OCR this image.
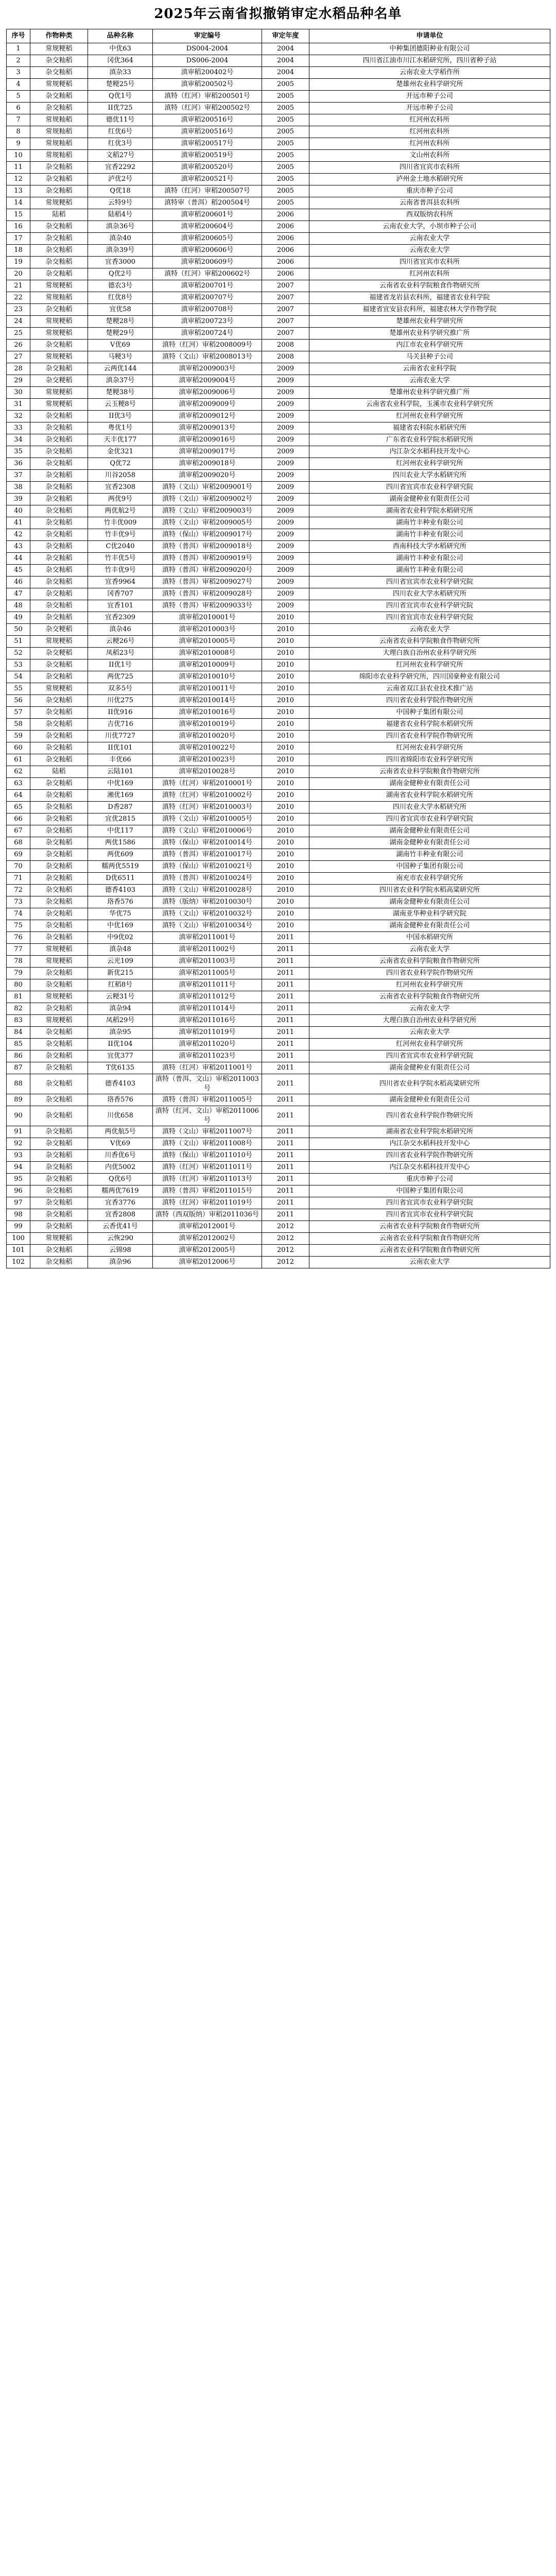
2025年云南省拟撤销审定水稻品种名单
序号	作物种类	品种名称	审定编号	审定年度	申请单位
1	常规粳稻	中优63	DS004-2004	2004	中种集团德阳种业有限公司
2	杂交籼稻	冈优364	DS006-2004	2004	四川省江油市川江水稻研究所，四川省种子站
3	杂交籼稻	滇杂33	滇审稻200402号	2004	云南农业大学稻作所
4	常规粳稻	楚粳25号	滇审稻200502号	2005	楚雄州农业科学研究所
5	杂交籼稻	Q优1号	滇特（红河）审稻200501号	2005	开远市种子公司
6	杂交籼稻	II优725	滇特（红河）审稻200502号	2005	开远市种子公司
7	常规籼稻	德优11号	滇审稻200516号	2005	红河州农科所
8	常规籼稻	红优6号	滇审稻200516号	2005	红河州农科所
9	常规籼稻	红优3号	滇审稻200517号	2005	红河州农科所
10	常规籼稻	文稻27号	滇审稻200519号	2005	文山州农科所
11	杂交籼稻	宜香2292	滇审稻200520号	2005	四川省宜宾市农科所
12	杂交籼稻	泸优2号	滇审稻200521号	2005	泸州金土地水稻研究所
13	杂交籼稻	Q优18	滇特（红河）审稻200507号	2005	重庆市种子公司
14	常规粳稻	云特9号	滇特审（普洱）稻200504号	2005	云南省普洱县农科所
15	陆稻	陆稻4号	滇审稻200601号	2006	西双版纳农科所
16	杂交籼稻	滇杂36号	滇审稻200604号	2006	云南农业大学，小坝市种子公司
17	杂交籼稻	滇杂40	滇审稻200605号	2006	云南农业大学
18	杂交籼稻	滇杂39号	滇审稻200606号	2006	云南农业大学
19	杂交籼稻	宜香3000	滇审稻200609号	2006	四川省宜宾市农科所
20	杂交籼稻	Q优2号	滇特（红河）审稻200602号	2006	红河州农科所
21	常规粳稻	德农3号	滇审稻200701号	2007	云南省农业科学院粮食作物研究所
22	常规籼稻	红优8号	滇审稻200707号	2007	福建省龙岩县农科所，福建省农业科学院
23	杂交籼稻	宜优58	滇审稻200708号	2007	福建省宜安县农科所，福建农林大学作物学院
24	常规粳稻	楚粳28号	滇审稻200723号	2007	楚雄州农业科学研究所
25	常规粳稻	楚粳29号	滇审稻200724号	2007	楚雄州农业科学研究推广所
26	杂交籼稻	V优69	滇特（红河）审稻2008009号	2008	内江市农业科学研究所
27	常规粳稻	马粳3号	滇特（文山）审稻2008013号	2008	马关县种子公司
28	杂交籼稻	云两优144	滇审稻2009003号	2009	云南省农业科学院
29	杂交粳稻	滇杂37号	滇审稻2009004号	2009	云南农业大学
30	常规粳稻	楚粳38号	滇审稻2009006号	2009	楚雄州农业科学研究推广所
31	常规粳稻	云玉粳8号	滇审稻2009009号	2009	云南省农业科学院，玉溪市农业科学研究所
32	杂交籼稻	II优3号	滇审稻2009012号	2009	红河州农业科学研究所
33	杂交籼稻	粤优1号	滇审稻2009013号	2009	福建省农科院水稻研究所
34	杂交籼稻	天丰优177	滇审稻2009016号	2009	广东省农业科学院水稻研究所
35	杂交籼稻	金优321	滇审稻2009017号	2009	内江杂交水稻科技开发中心
36	杂交籼稻	Q优72	滇审稻2009018号	2009	红河州农业科学研究所
37	杂交籼稻	川谷2058	滇审稻2009020号	2009	四川农业大学水稻研究所
38	杂交籼稻	宜香2308	滇特（文山）审稻2009001号	2009	四川省宜宾市农业科学研究院
39	杂交籼稻	两优9号	滇特（文山）审稻2009002号	2009	湖南金健种业有限责任公司
40	杂交籼稻	两优航2号	滇特（文山）审稻2009003号	2009	湖南省农业科学院水稻研究所
41	杂交籼稻	竹丰优009	滇特（文山）审稻2009005号	2009	湖南竹丰种业有限公司
42	杂交籼稻	竹丰优9号	滇特（保山）审稻2009017号	2009	湖南竹丰种业有限公司
43	杂交籼稻	C优2040	滇特（普洱）审稻2009018号	2009	西南科技大学水稻研究所
44	杂交籼稻	竹丰优5号	滇特（普洱）审稻2009019号	2009	湖南竹丰种业有限公司
45	杂交籼稻	竹丰优9号	滇特（普洱）审稻2009020号	2009	湖南竹丰种业有限公司
46	杂交籼稻	宜香9964	滇特（普洱）审稻2009027号	2009	四川省宜宾市农业科学研究院
47	杂交籼稻	冈香707	滇特（普洱）审稻2009028号	2009	四川农业大学水稻研究所
48	杂交籼稻	宜香101	滇特（普洱）审稻2009033号	2009	四川省宜宾市农业科学研究院
49	杂交籼稻	宜香2309	滇审稻2010001号	2010	四川省宜宾市农业科学研究院
50	杂交粳稻	滇杂46	滇审稻2010003号	2010	云南农业大学
51	常规粳稻	云粳26号	滇审稻2010005号	2010	云南省农业科学院粮食作物研究所
52	杂交粳稻	凤稻23号	滇审稻2010008号	2010	大理白族自治州农业科学研究所
53	杂交籼稻	II优1号	滇审稻2010009号	2010	红河州农业科学研究所
54	杂交籼稻	两优725	滇审稻2010010号	2010	绵阳市农业科学研究所，四川国豪种业有限公司
55	常规粳稻	双多5号	滇审稻2010011号	2010	云南省双江县农业技术推广站
56	杂交籼稻	川优275	滇审稻2010014号	2010	四川省农业科学院作物研究所
57	杂交籼稻	II优916	滇审稻2010016号	2010	中国种子集团有限公司
58	杂交籼稻	吉优716	滇审稻2010019号	2010	福建省农业科学院水稻研究所
59	杂交籼稻	川优7727	滇审稻2010020号	2010	四川省农业科学院作物研究所
60	杂交籼稻	II优101	滇审稻2010022号	2010	红河州农业科学研究所
61	杂交籼稻	丰优66	滇审稻2010023号	2010	四川省绵阳市农业科学研究所
62	陆稻	云陆101	滇审稻2010028号	2010	云南省农业科学院粮食作物研究所
63	杂交籼稻	中优169	滇特（红河）审稻2010001号	2010	湖南金健种业有限责任公司
64	杂交籼稻	湘优169	滇特（红河）审稻2010002号	2010	湖南省农业科学院水稻研究所
65	杂交籼稻	D香287	滇特（红河）审稻2010003号	2010	四川农业大学水稻研究所
66	杂交籼稻	宜优2815	滇特（文山）审稻2010005号	2010	四川省宜宾市农业科学研究院
67	杂交籼稻	中优117	滇特（文山）审稻2010006号	2010	湖南金健种业有限责任公司
68	杂交籼稻	两优1586	滇特（保山）审稻2010014号	2010	湖南金健种业有限责任公司
69	杂交籼稻	两优609	滇特（普洱）审稻2010017号	2010	湖南竹丰种业有限公司
70	杂交籼稻	糯两优5519	滇特（保山）审稻2010021号	2010	中国种子集团有限公司
71	杂交籼稻	D优6511	滇特（普洱）审稻2010024号	2010	南充市农业科学研究所
72	杂交籼稻	德香4103	滇特（文山）审稻2010028号	2010	四川省农业科学院水稻高粱研究所
73	杂交籼稻	珞香576	滇特（版纳）审稻2010030号	2010	湖南金健种业有限责任公司
74	杂交籼稻	华优75	滇特（文山）审稻2010032号	2010	湖南亚华种业科学研究院
75	杂交籼稻	中优169	滇特（文山）审稻2010034号	2010	湖南金健种业有限责任公司
76	杂交籼稻	中9优02	滇审稻2011001号	2011	中国水稻研究所
77	常规粳稻	滇杂48	滇审稻2011002号	2011	云南农业大学
78	常规粳稻	云光109	滇审稻2011003号	2011	云南省农业科学院粮食作物研究所
79	杂交籼稻	新优215	滇审稻2011005号	2011	四川省农业科学院作物研究所
80	杂交籼稻	红稻8号	滇审稻2011011号	2011	红河州农业科学研究所
81	常规粳稻	云粳31号	滇审稻2011012号	2011	云南省农业科学院粮食作物研究所
82	杂交籼稻	滇杂94	滇审稻2011014号	2011	云南农业大学
83	常规粳稻	凤稻29号	滇审稻2011016号	2011	大理白族自治州农业科学研究所
84	杂交籼稻	滇杂95	滇审稻2011019号	2011	云南农业大学
85	杂交籼稻	II优104	滇审稻2011020号	2011	红河州农业科学研究所
86	杂交籼稻	宜优377	滇审稻2011023号	2011	四川省宜宾市农业科学研究院
87	杂交籼稻	T优6135	滇特（红河）审稻2011001号	2011	湖南金健种业有限责任公司
88	杂交籼稻	德香4103	滇特（普洱、文山）审稻2011003号	2011	四川省农业科学院水稻高粱研究所
89	杂交籼稻	珞香576	滇特（普洱）审稻2011005号	2011	湖南金健种业有限责任公司
90	杂交籼稻	川优658	滇特（红河、文山）审稻2011006号	2011	四川省农业科学院作物研究所
91	杂交籼稻	两优航5号	滇特（文山）审稻2011007号	2011	湖南省农业科学院水稻研究所
92	杂交籼稻	V优69	滇特（文山）审稻2011008号	2011	内江杂交水稻科技开发中心
93	杂交籼稻	川香优6号	滇特（保山）审稻2011010号	2011	四川省农业科学院作物研究所
94	杂交籼稻	内优5002	滇特（红河）审稻2011011号	2011	内江杂交水稻科技开发中心
95	杂交籼稻	Q优6号	滇特（红河）审稻2011013号	2011	重庆市种子公司
96	杂交籼稻	糯两优7619	滇特（普洱）审稻2011015号	2011	中国种子集团有限公司
97	杂交籼稻	宜香3776	滇特（红河）审稻2011019号	2011	四川省宜宾市农业科学研究院
98	杂交籼稻	宜香2808	滇特（西双版纳）审稻2011036号	2011	四川省宜宾市农业科学研究院
99	杂交籼稻	云香优41号	滇审稻2012001号	2012	云南省农业科学院粮食作物研究所
100	常规粳稻	云恢290	滇审稻2012002号	2012	云南省农业科学院粮食作物研究所
101	杂交籼稻	云锦98	滇审稻2012005号	2012	云南省农业科学院粮食作物研究所
102	杂交籼稻	滇杂96	滇审稻2012006号	2012	云南农业大学
